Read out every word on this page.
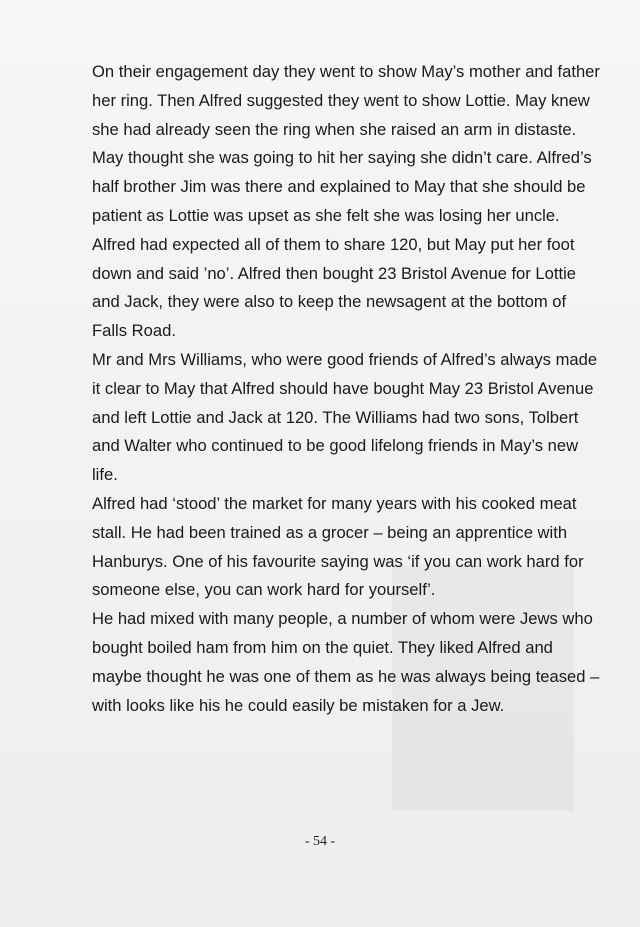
On their engagement day they went to show May’s mother and father her ring. Then Alfred suggested they went to show Lottie. May knew she had already seen the ring when she raised an arm in distaste. May thought she was going to hit her saying she didn’t care. Alfred’s half brother Jim was there and explained to May that she should be patient as Lottie was upset as she felt she was losing her uncle.

Alfred had expected all of them to share 120, but May put her foot down and said ’no’. Alfred then bought 23 Bristol Avenue for Lottie and Jack, they were also to keep the newsagent at the bottom of Falls Road.

Mr and Mrs Williams, who were good friends of Alfred’s always made it clear to May that Alfred should have bought May 23 Bristol Avenue and left Lottie and Jack at 120. The Williams had two sons, Tolbert and Walter who continued to be good lifelong friends in May’s new life.

Alfred had ‘stood’ the market for many years with his cooked meat stall. He had been trained as a grocer – being an apprentice with Hanburys. One of his favourite saying was ‘if you can work hard for someone else, you can work hard for yourself’.

He had mixed with many people, a number of whom were Jews who bought boiled ham from him on the quiet. They liked Alfred and maybe thought he was one of them as he was always being teased – with looks like his he could easily be mistaken for a Jew.

- 54 -
